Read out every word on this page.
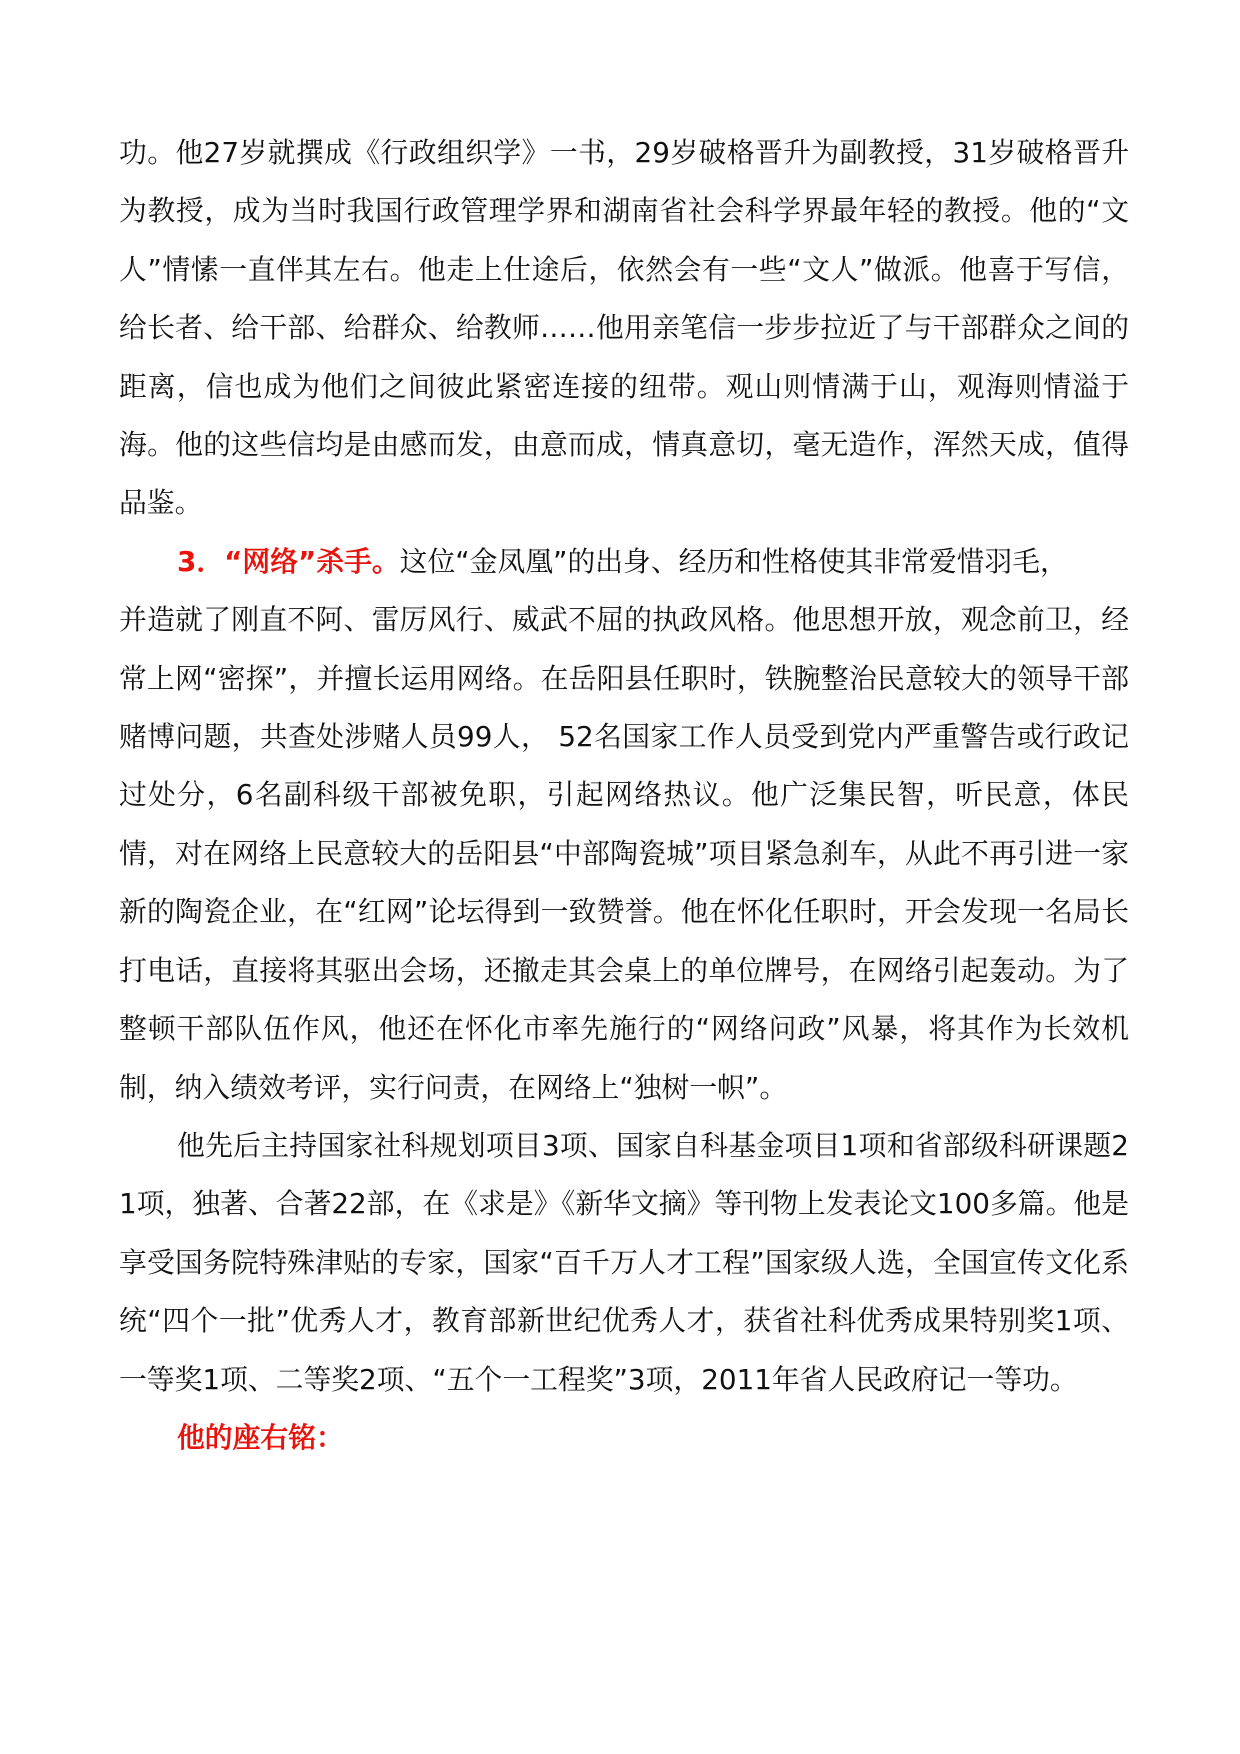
功。他27岁就撰成《行政组织学》一书，29岁破格晋升为副教授，31岁破格晋升为教授，成为当时我国行政管理学界和湖南省社会科学界最年轻的教授。他的“文人”情愫一直伴其左右。他走上仕途后，依然会有一些“文人”做派。他喜于写信，给长者、给干部、给群众、给教师……他用亲笔信一步步拉近了与干部群众之间的距离，信也成为他们之间彼此紧密连接的纽带。观山则情满于山，观海则情溢于海。他的这些信均是由感而发，由意而成，情真意切，毫无造作，浑然天成，值得品鉴。

3．“网络”杀手。这位“金凤凰”的出身、经历和性格使其非常爱惜羽毛，

并造就了刚直不阿、雷厉风行、威武不屈的执政风格。他思想开放，观念前卫，经常上网“密探”，并擅长运用网络。在岳阳县任职时，铁腕整治民意较大的领导干部赌博问题，共查处涉赌人员99人， 52名国家工作人员受到党内严重警告或行政记过处分，6名副科级干部被免职，引起网络热议。他广泛集民智，听民意，体民情，对在网络上民意较大的岳阳县“中部陶瓷城”项目紧急刹车，从此不再引进一家新的陶瓷企业，在“红网”论坛得到一致赞誉。他在怀化任职时，开会发现一名局长打电话，直接将其驱出会场，还撤走其会桌上的单位牌号，在网络引起轰动。为了整顿干部队伍作风，他还在怀化市率先施行的“网络问政”风暴，将其作为长效机制，纳入绩效考评，实行问责，在网络上“独树一帜”。

他先后主持国家社科规划项目3项、国家自科基金项目1项和省部级科研课题21项，独著、合著22部，在《求是》《新华文摘》等刊物上发表论文100多篇。他是享受国务院特殊津贴的专家，国家“百千万人才工程”国家级人选，全国宣传文化系统“四个一批”优秀人才，教育部新世纪优秀人才，获省社科优秀成果特别奖1项、一等奖1项、二等奖2项、“五个一工程奖”3项，2011年省人民政府记一等功。

他的座右铭：
